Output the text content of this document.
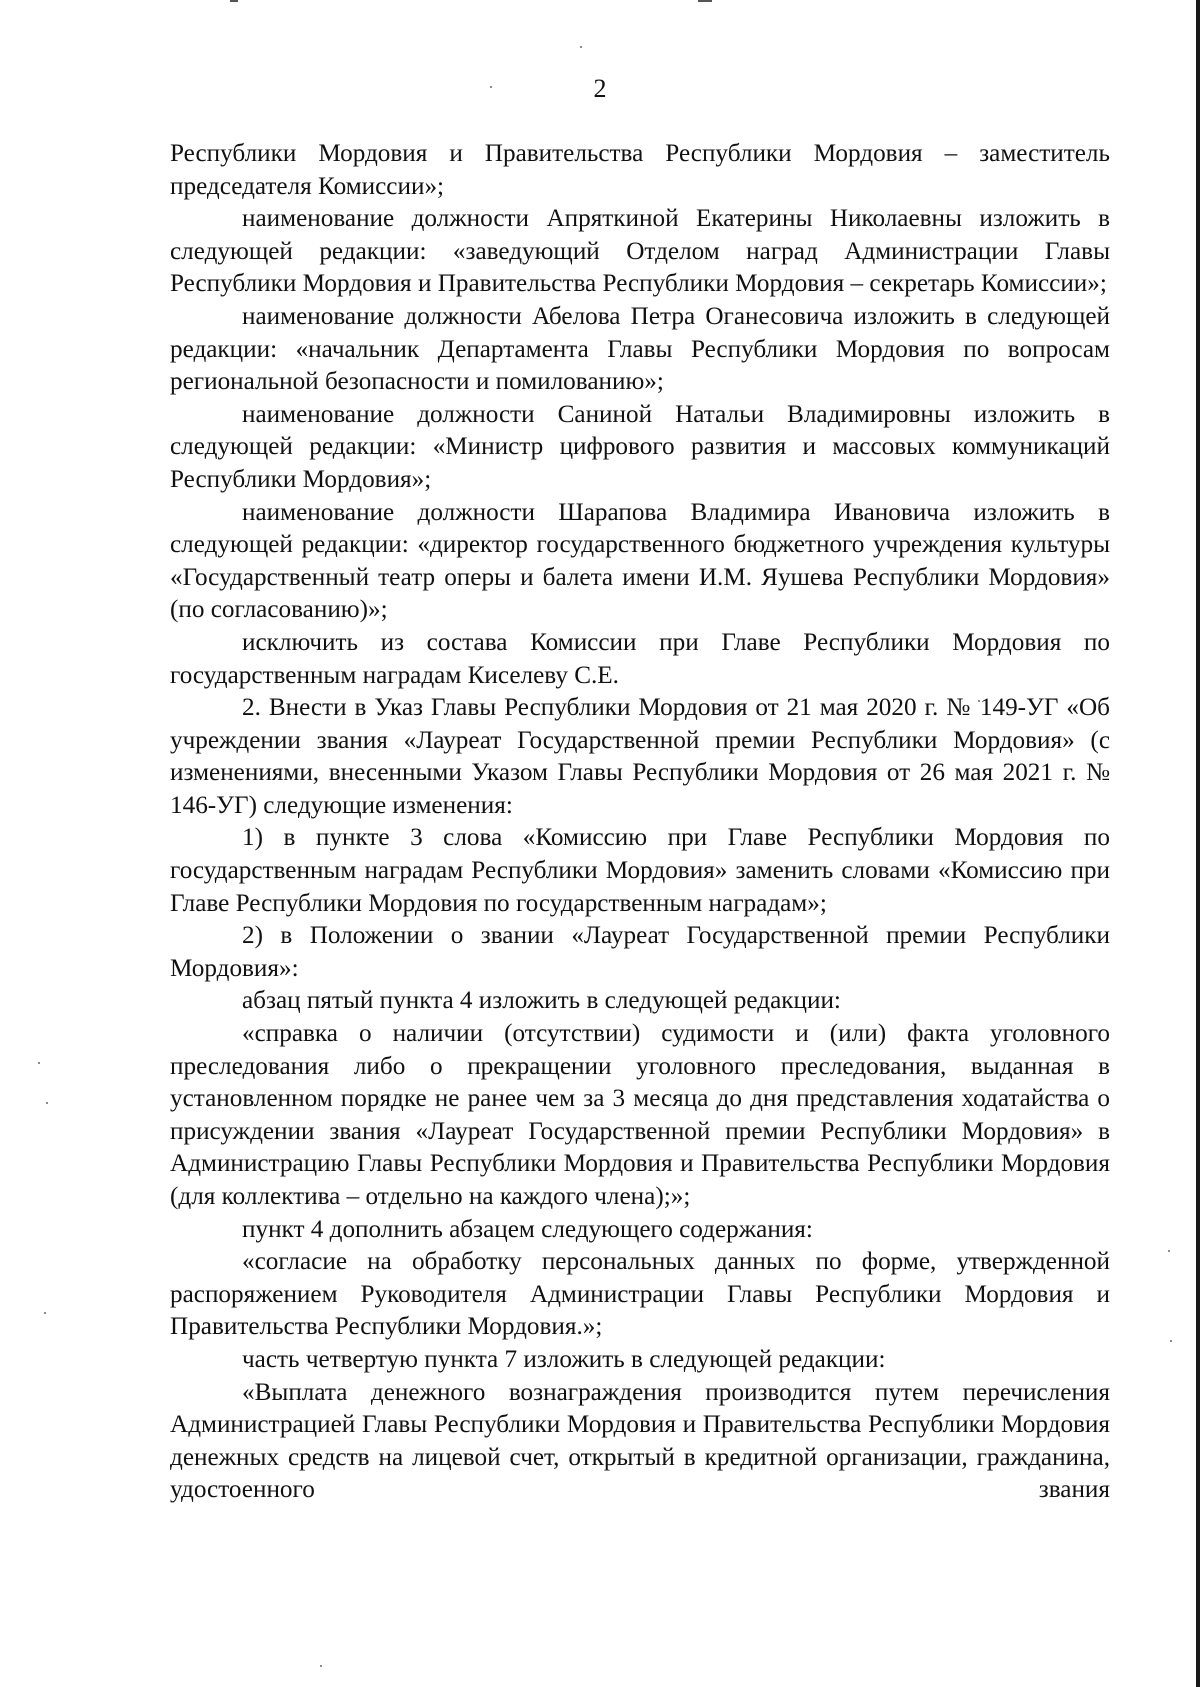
2

Республики Мордовия и Правительства Республики Мордовия – заместитель председателя Комиссии»;

наименование должности Апряткиной Екатерины Николаевны изложить в следующей редакции: «заведующий Отделом наград Администрации Главы Республики Мордовия и Правительства Республики Мордовия – секретарь Комиссии»;

наименование должности Абелова Петра Оганесовича изложить в следующей редакции: «начальник Департамента Главы Республики Мордовия по вопросам региональной безопасности и помилованию»;

наименование должности Саниной Натальи Владимировны изложить в следующей редакции: «Министр цифрового развития и массовых коммуникаций Республики Мордовия»;

наименование должности Шарапова Владимира Ивановича изложить в следующей редакции: «директор государственного бюджетного учреждения культуры «Государственный театр оперы и балета имени И.М. Яушева Республики Мордовия» (по согласованию)»;

исключить из состава Комиссии при Главе Республики Мордовия по государственным наградам Киселеву С.Е.

2. Внести в Указ Главы Республики Мордовия от 21 мая 2020 г. № 149-УГ «Об учреждении звания «Лауреат Государственной премии Республики Мордовия» (с изменениями, внесенными Указом Главы Республики Мордовия от 26 мая 2021 г. № 146-УГ) следующие изменения:

1) в пункте 3 слова «Комиссию при Главе Республики Мордовия по государственным наградам Республики Мордовия» заменить словами «Комиссию при Главе Республики Мордовия по государственным наградам»;

2) в Положении о звании «Лауреат Государственной премии Республики Мордовия»:

абзац пятый пункта 4 изложить в следующей редакции:

«справка о наличии (отсутствии) судимости и (или) факта уголовного преследования либо о прекращении уголовного преследования, выданная в установленном порядке не ранее чем за 3 месяца до дня представления ходатайства о присуждении звания «Лауреат Государственной премии Республики Мордовия» в Администрацию Главы Республики Мордовия и Правительства Республики Мордовия (для коллектива – отдельно на каждого члена);»;

пункт 4 дополнить абзацем следующего содержания:

«согласие на обработку персональных данных по форме, утвержденной распоряжением Руководителя Администрации Главы Республики Мордовия и Правительства Республики Мордовия.»;

часть четвертую пункта 7 изложить в следующей редакции:

«Выплата денежного вознаграждения производится путем перечисления Администрацией Главы Республики Мордовия и Правительства Республики Мордовия денежных средств на лицевой счет, открытый в кредитной организации, гражданина, удостоенного звания
